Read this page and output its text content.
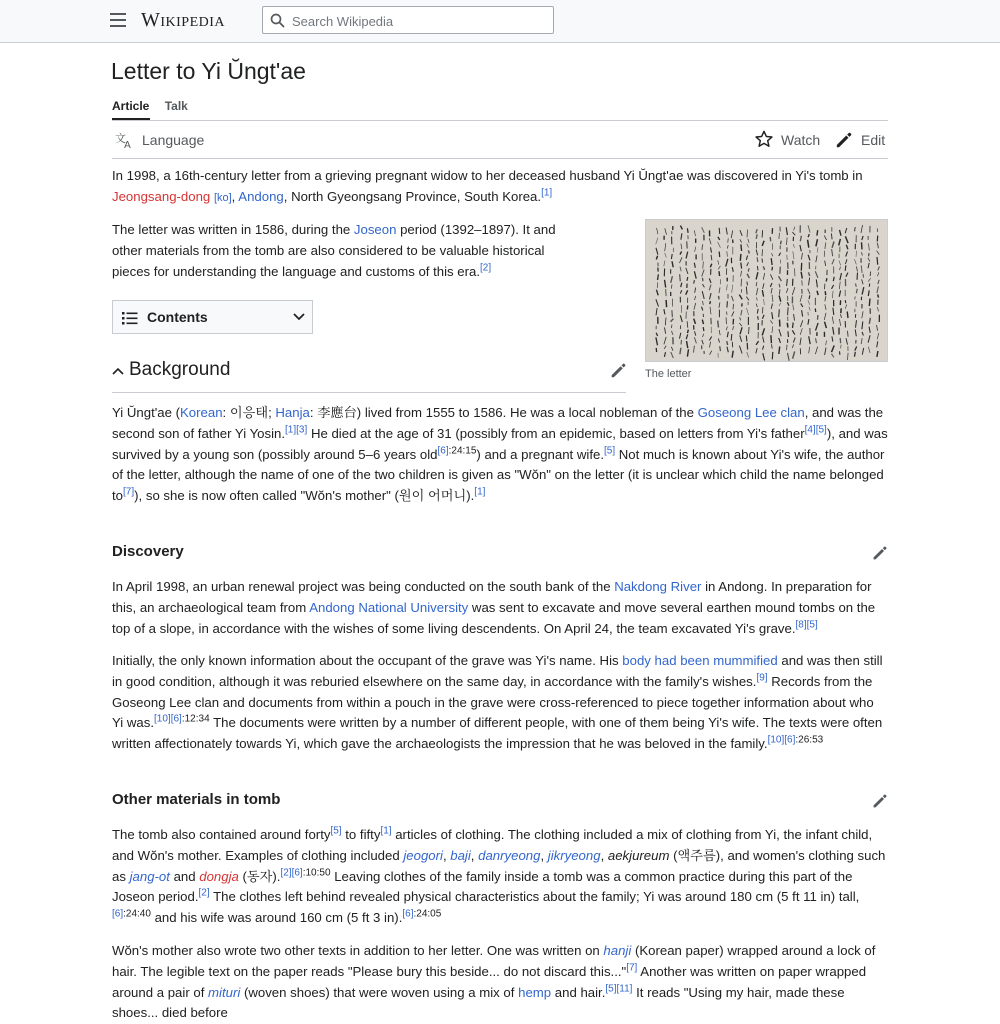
Wikipedia
Search Wikipedia
Letter to Yi Ŭngt'ae
Article Talk
文
A Language	Watch	Edit
In 1998, a 16th-century letter from a grieving pregnant widow to her deceased husband Yi Ŭngt'ae was discovered in Yi's tomb in Jeongsang-dong [ko], Andong, North Gyeongsang Province, South Korea.[1]
The letter was written in 1586, during the Joseon period (1392–1897). It and other materials from the tomb are also considered to be valuable historical pieces for understanding the language and customs of this era.[2]
The letter
Contents
Background
Yi Ŭngt'ae (Korean: 이응태; Hanja: 李應台) lived from 1555 to 1586. He was a local nobleman of the Goseong Lee clan, and was the second son of father Yi Yosin.[1][3] He died at the age of 31 (possibly from an epidemic, based on letters from Yi's father[4][5]), and was survived by a young son (possibly around 5–6 years old$^{[6]:24:15}$) and a pregnant wife.[5] Not much is known about Yi's wife, the author of the letter, although the name of one of the two children is given as "Wŏn" on the letter (it is unclear which child the name belonged to[7]), so she is now often called "Wŏn's mother" (원이 어머니).[1]
Discovery
In April 1998, an urban renewal project was being conducted on the south bank of the Nakdong River in Andong. In preparation for this, an archaeological team from Andong National University was sent to excavate and move several earthen mound tombs on the top of a slope, in accordance with the wishes of some living descendents. On April 24, the team excavated Yi's grave.[8][5]
Initially, the only known information about the occupant of the grave was Yi's name. His body had been mummified and was then still in good condition, although it was reburied elsewhere on the same day, in accordance with the family's wishes.[9] Records from the Goseong Lee clan and documents from within a pouch in the grave were cross-referenced to piece together information about who Yi was.$^{[10][6]:12:34}$ The documents were written by a number of different people, with one of them being Yi's wife. The texts were often written affectionately towards Yi, which gave the archaeologists the impression that he was beloved in the family.$^{[10][6]:26:53}$
Other materials in tomb
The tomb also contained around forty[5] to fifty[1] articles of clothing. The clothing included a mix of clothing from Yi, the infant child, and Wŏn's mother. Examples of clothing included jeogori, baji, danryeong, jikryeong, aekjureum (액주름), and women's clothing such as jang-ot and dongja (동자).$^{[2][6]:10:50}$ Leaving clothes of the family inside a tomb was a common practice during this part of the Joseon period.[2] The clothes left behind revealed physical characteristics about the family; Yi was around 180 cm (5 ft 11 in) tall,$^{[6]:24:40}$ and his wife was around 160 cm (5 ft 3 in).$^{[6]:24:05}$
Wŏn's mother also wrote two other texts in addition to her letter. One was written on hanji (Korean paper) wrapped around a lock of hair. The legible text on the paper reads "Please bury this beside... do not discard this..."[7] Another was written on paper wrapped around a pair of mituri (woven shoes) that were woven using a mix of hemp and hair.[5][11] It reads "Using my hair, made these shoes... died before
